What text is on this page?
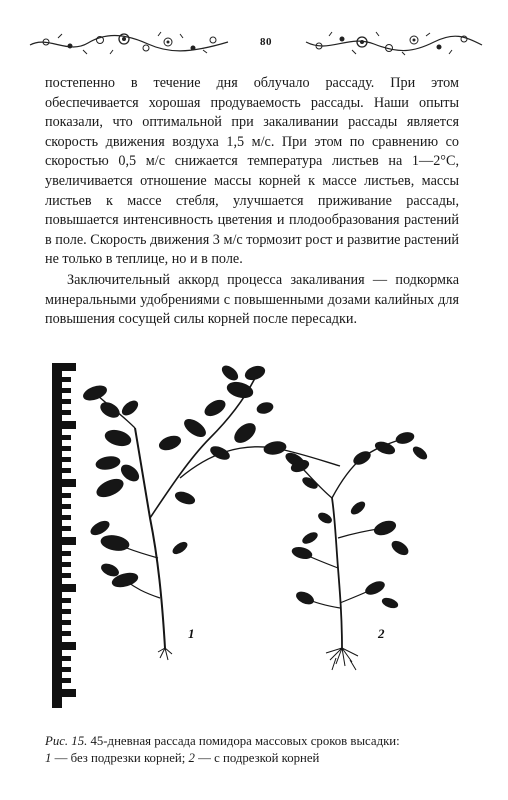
80

постепенно в течение дня облучало рассаду. При этом обеспечивается хорошая продуваемость рассады. Наши опыты показали, что оптимальной при закаливании рассады является скорость движения воздуха 1,5 м/с. При этом по сравнению со скоростью 0,5 м/с снижается температура листьев на 1—2°С, увеличивается отношение массы корней к массе листьев, массы листьев к массе стебля, улучшается приживание рассады, повышается интенсивность цветения и плодообразования растений в поле. Скорость движения 3 м/с тормозит рост и развитие растений не только в теплице, но и в поле.

Заключительный аккорд процесса закаливания — подкормка минеральными удобрениями с повышенными дозами калийных для повышения сосущей силы корней после пересадки.

1	2
Рис. 15. 45-дневная рассада помидора массовых сроков высадки:
1 — без подрезки корней; 2 — с подрезкой корней
